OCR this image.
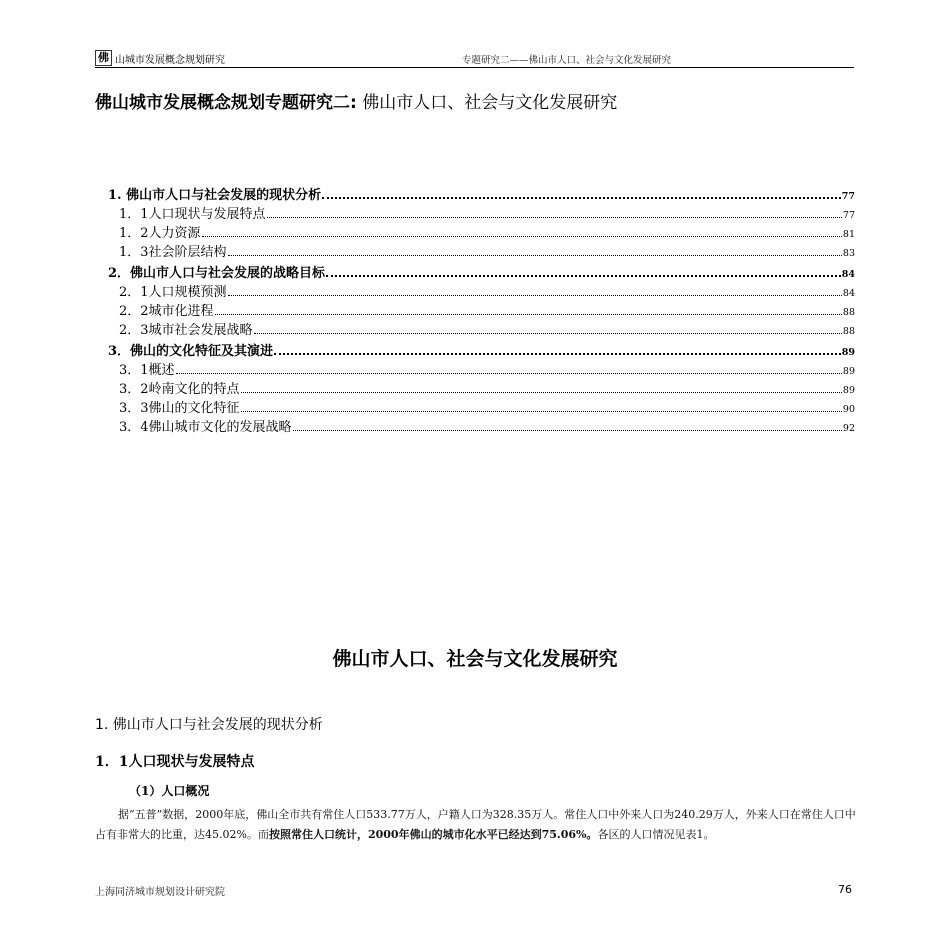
佛 山城市发展概念规划研究	专题研究二——佛山市人口、社会与文化发展研究
佛山城市发展概念规划专题研究二: 佛山市人口、社会与文化发展研究
1. 佛山市人口与社会发展的现状分析	77
1．1人口现状与发展特点	77
1．2人力资源	81
1．3社会阶层结构	83
2．佛山市人口与社会发展的战略目标	84
2．1人口规模预测	84
2．2城市化进程	88
2．3城市社会发展战略	88
3．佛山的文化特征及其演进	89
3．1概述	89
3．2岭南文化的特点	89
3．3佛山的文化特征	90
3．4佛山城市文化的发展战略	92
佛山市人口、社会与文化发展研究
1. 佛山市人口与社会发展的现状分析
1．1人口现状与发展特点
（1）人口概况
据“五普”数据，2000年底，佛山全市共有常住人口533.77万人，户籍人口为328.35万人。常住人口中外来人口为240.29万人，外来人口在常住人口中占有非常大的比重，达45.02%。而按照常住人口统计，2000年佛山的城市化水平已经达到75.06%。各区的人口情况见表1。
上海同济城市规划设计研究院	76
